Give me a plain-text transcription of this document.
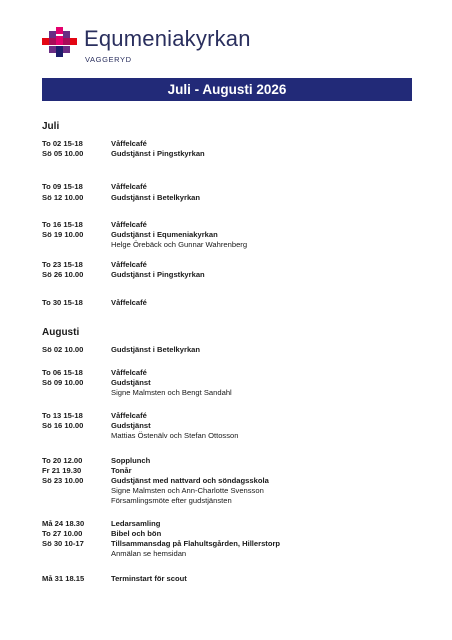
Equmeniakyrkan
VAGGERYD
Juli - Augusti 2026
Juli
To 02 15-18	Våffelcafé
Sö 05 10.00	Gudstjänst i Pingstkyrkan
To 09 15-18	Våffelcafé
Sö 12 10.00	Gudstjänst i Betelkyrkan
To 16 15-18	Våffelcafé
Sö 19 10.00	Gudstjänst i Equmeniakyrkan
Helge Örebäck och Gunnar Wahrenberg
To 23 15-18	Våffelcafé
Sö 26 10.00	Gudstjänst i Pingstkyrkan
To 30 15-18	Våffelcafé
Augusti
Sö 02 10.00	Gudstjänst i Betelkyrkan
To 06 15-18	Våffelcafé
Sö 09 10.00	Gudstjänst
Signe Malmsten och Bengt Sandahl
To 13 15-18	Våffelcafé
Sö 16 10.00	Gudstjänst
Mattias Östenälv och Stefan Ottosson
To 20 12.00	Sopplunch
Fr 21 19.30	Tonår
Sö 23 10.00	Gudstjänst med nattvard och söndagsskola
Signe Malmsten och Ann-Charlotte Svensson
Församlingsmöte efter gudstjänsten
Må 24 18.30	Ledarsamling
To 27 10.00	Bibel och bön
Sö 30 10-17	Tillsammansdag på Flahultsgården, Hillerstorp
Anmälan se hemsidan
Må 31 18.15	Terminstart för scout
